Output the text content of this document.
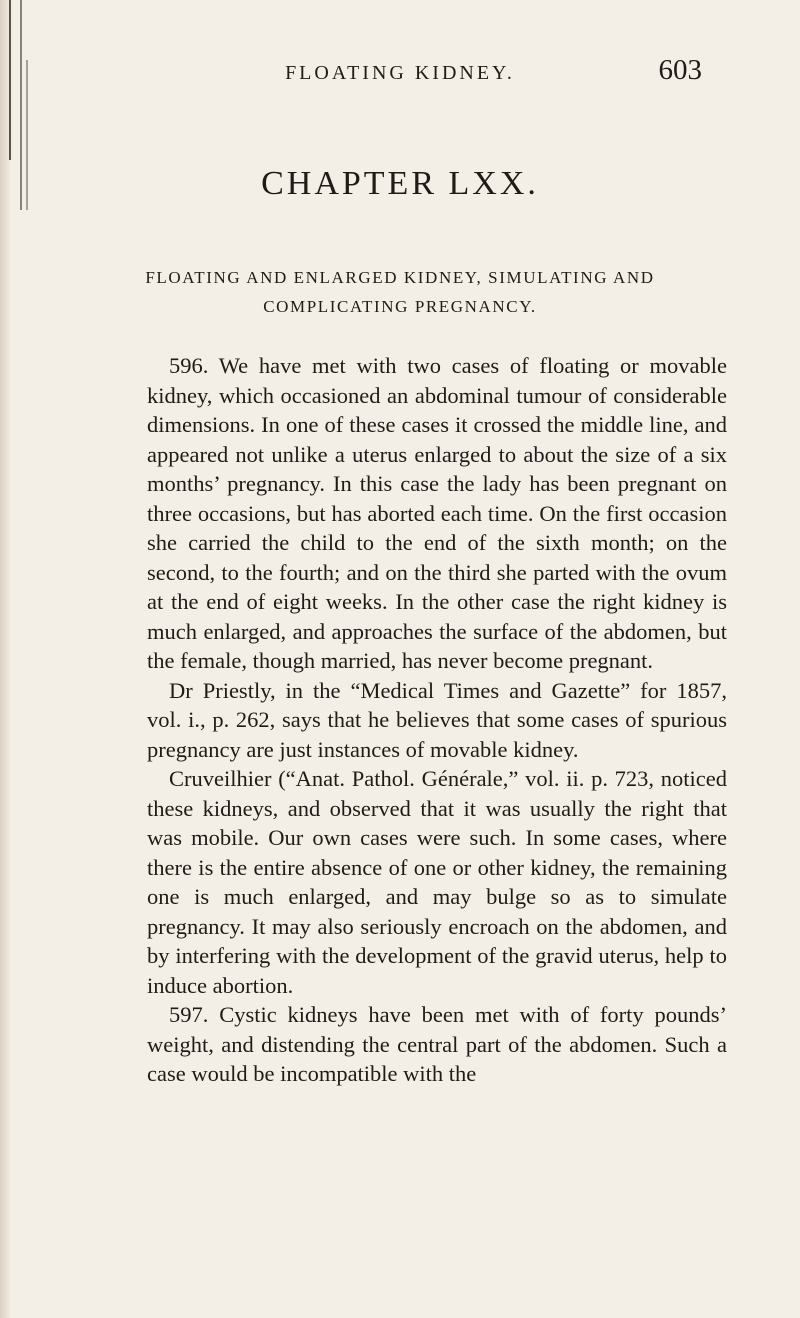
FLOATING KIDNEY.	603
CHAPTER LXX.
FLOATING AND ENLARGED KIDNEY, SIMULATING AND
COMPLICATING PREGNANCY.

596. We have met with two cases of floating or movable kidney, which occasioned an abdominal tumour of considerable dimensions. In one of these cases it crossed the middle line, and appeared not unlike a uterus enlarged to about the size of a six months’ pregnancy. In this case the lady has been pregnant on three occasions, but has aborted each time. On the first occasion she carried the child to the end of the sixth month; on the second, to the fourth; and on the third she parted with the ovum at the end of eight weeks. In the other case the right kidney is much enlarged, and approaches the surface of the abdomen, but the female, though married, has never become pregnant.

Dr Priestly, in the “Medical Times and Gazette” for 1857, vol. i., p. 262, says that he believes that some cases of spurious pregnancy are just instances of movable kidney.

Cruveilhier (“Anat. Pathol. Générale,” vol. ii. p. 723, noticed these kidneys, and observed that it was usually the right that was mobile. Our own cases were such. In some cases, where there is the entire absence of one or other kidney, the remaining one is much enlarged, and may bulge so as to simulate pregnancy. It may also seriously encroach on the abdomen, and by interfering with the development of the gravid uterus, help to induce abortion.

597. Cystic kidneys have been met with of forty pounds’ weight, and distending the central part of the abdomen. Such a case would be incompatible with the
